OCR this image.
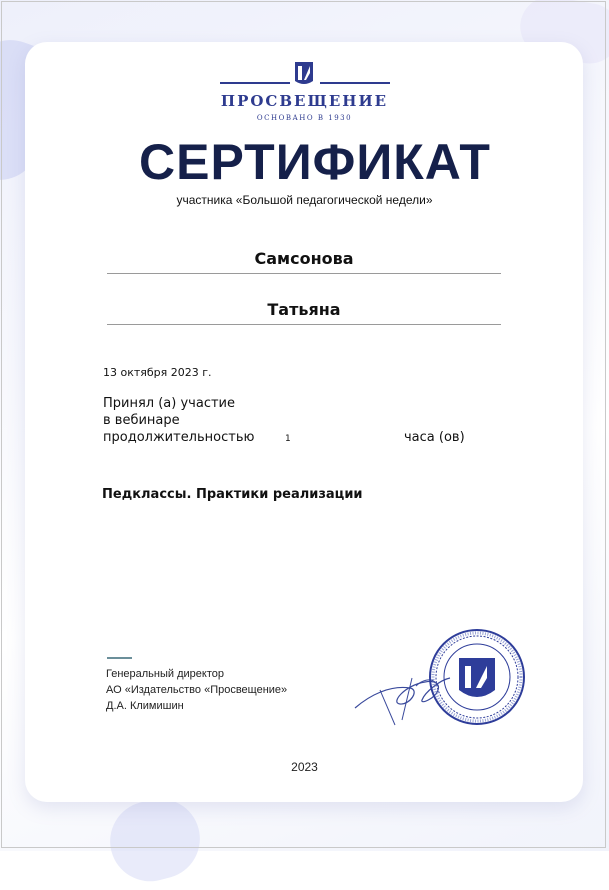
ПРОСВЕЩЕНИЕ
ОСНОВАНО В 1930
СЕРТИФИКАТ
участника «Большой педагогической недели»
Самсонова
Татьяна
13 октября 2023 г.
Принял (а) участие
в вебинаре
продолжительностью	1	часа (ов)
Педклассы. Практики реализации
Генеральный директор
АО «Издательство «Просвещение»
Д.А. Климишин
2023
